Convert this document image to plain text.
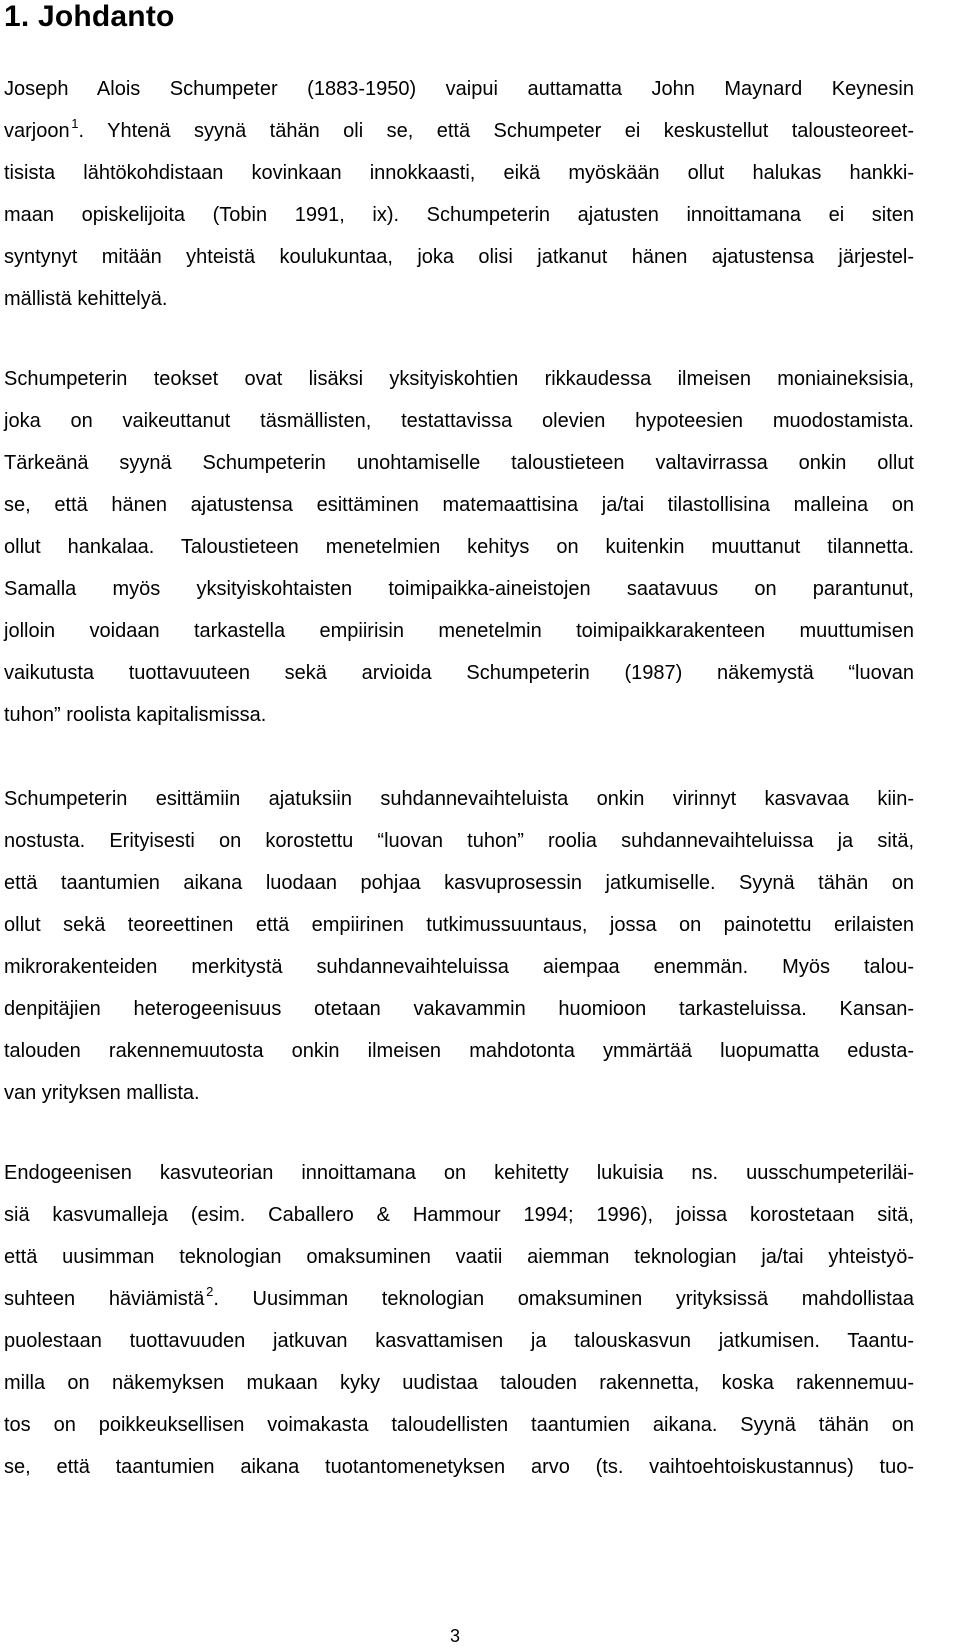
1. Johdanto

Joseph Alois Schumpeter (1883-1950) vaipui auttamatta John Maynard Keynesin
varjoon  $^1$. Yhtenä syynä tähän oli se, että Schumpeter ei keskustellut talousteoreet-
tisista lähtökohdistaan kovinkaan innokkaasti, eikä myöskään ollut halukas hankki-
maan opiskelijoita (Tobin 1991, ix). Schumpeterin ajatusten innoittamana ei siten
syntynyt mitään yhteistä koulukuntaa, joka olisi jatkanut hänen ajatustensa järjestel-
mällistä kehittelyä.

Schumpeterin teokset ovat lisäksi yksityiskohtien rikkaudessa ilmeisen moniaineksisia,
joka on vaikeuttanut täsmällisten, testattavissa olevien hypoteesien muodostamista.
Tärkeänä syynä Schumpeterin unohtamiselle taloustieteen valtavirrassa onkin ollut
se, että hänen ajatustensa esittäminen matemaattisina ja/tai tilastollisina malleina on
ollut hankalaa. Taloustieteen menetelmien kehitys on kuitenkin muuttanut tilannetta.
Samalla myös yksityiskohtaisten toimipaikka-aineistojen saatavuus on parantunut,
jolloin voidaan tarkastella empiirisin menetelmin toimipaikkarakenteen muuttumisen
vaikutusta tuottavuuteen sekä arvioida Schumpeterin (1987) näkemystä “luovan
tuhon” roolista kapitalismissa.

Schumpeterin esittämiin ajatuksiin suhdannevaihteluista onkin virinnyt kasvavaa kiin-
nostusta. Erityisesti on korostettu “luovan tuhon” roolia suhdannevaihteluissa ja sitä,
että taantumien aikana luodaan pohjaa kasvuprosessin jatkumiselle. Syynä tähän on
ollut sekä teoreettinen että empiirinen tutkimussuuntaus, jossa on painotettu erilaisten
mikrorakenteiden merkitystä suhdannevaihteluissa aiempaa enemmän. Myös talou-
denpitäjien heterogeenisuus otetaan vakavammin huomioon tarkasteluissa. Kansan-
talouden rakennemuutosta onkin ilmeisen mahdotonta ymmärtää luopumatta edusta-
van yrityksen mallista.

Endogeenisen kasvuteorian innoittamana on kehitetty lukuisia ns. uusschumpeteriläi-
siä kasvumalleja (esim. Caballero & Hammour 1994; 1996), joissa korostetaan sitä,
että uusimman teknologian omaksuminen vaatii aiemman teknologian ja/tai yhteistyö-
suhteen häviämistä  $^2$. Uusimman teknologian omaksuminen yrityksissä mahdollistaa
puolestaan tuottavuuden jatkuvan kasvattamisen ja talouskasvun jatkumisen. Taantu-
milla on näkemyksen mukaan kyky uudistaa talouden rakennetta, koska rakennemuu-
tos on poikkeuksellisen voimakasta taloudellisten taantumien aikana. Syynä tähän on
se, että taantumien aikana tuotantomenetyksen arvo (ts. vaihtoehtoiskustannus) tuo-

3
